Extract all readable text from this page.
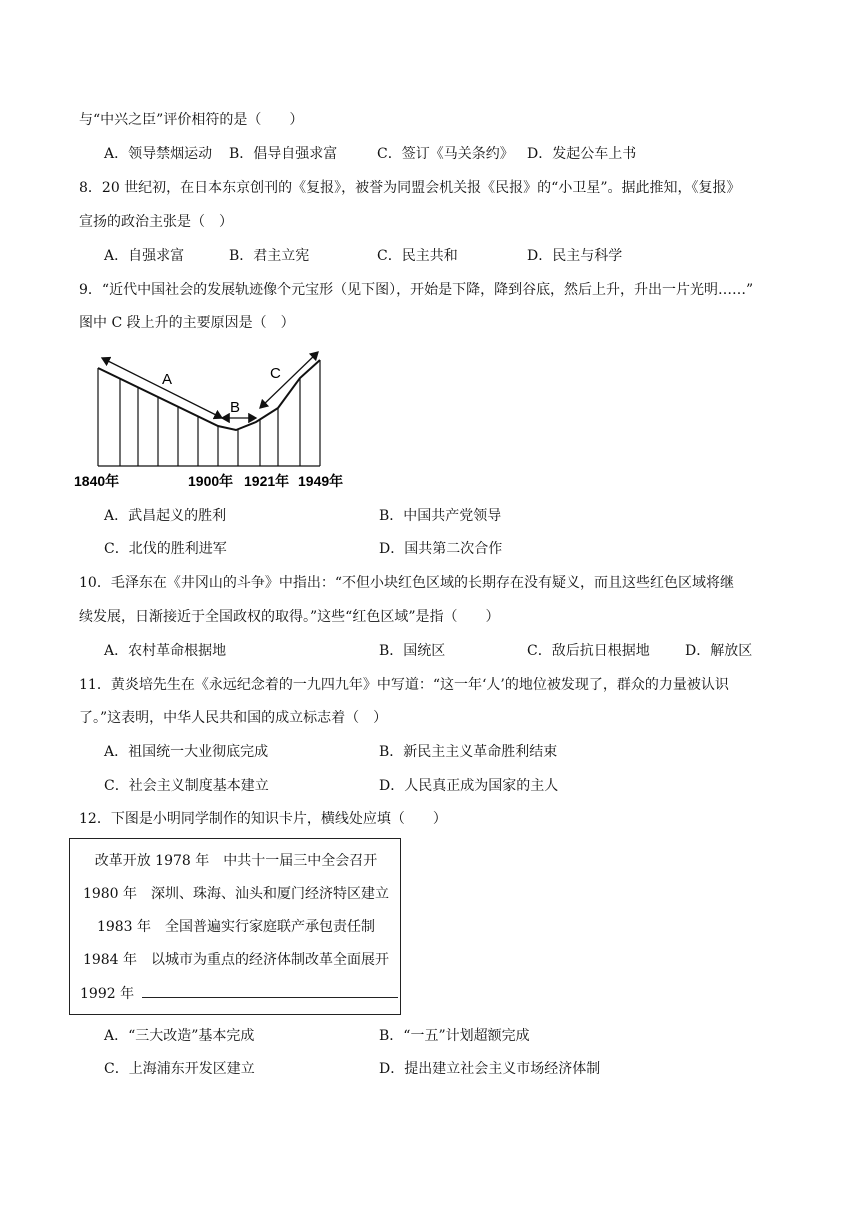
与“中兴之臣”评价相符的是（　　）
A．领导禁烟运动 B．倡导自强求富	C．签订《马关条约》 D．发起公车上书
8．20 世纪初，在日本东京创刊的《复报》，被誉为同盟会机关报《民报》的“小卫星”。据此推知，《复报》
宣扬的政治主张是（　）
A．自强求富	B．君主立宪	C．民主共和	D．民主与科学
9．“近代中国社会的发展轨迹像个元宝形（见下图），开始是下降，降到谷底，然后上升，升出一片光明……”
图中 C 段上升的主要原因是（　）
A
B
C
1840年	1900年 1921年 1949年
A．武昌起义的胜利	B．中国共产党领导
C．北伐的胜利进军	D．国共第二次合作
10．毛泽东在《井冈山的斗争》中指出：“不但小块红色区域的长期存在没有疑义，而且这些红色区域将继
续发展，日渐接近于全国政权的取得。”这些“红色区域”是指（　　）
A．农村革命根据地	B．国统区	C．敌后抗日根据地	D．解放区
11．黄炎培先生在《永远纪念着的一九四九年》中写道：“这一年‘人’的地位被发现了，群众的力量被认识
了。”这表明，中华人民共和国的成立标志着（　）
A．祖国统一大业彻底完成	B．新民主主义革命胜利结束
C．社会主义制度基本建立	D．人民真正成为国家的主人
12．下图是小明同学制作的知识卡片，横线处应填（　　）
改革开放 1978 年　中共十一届三中全会召开
1980 年　深圳、珠海、汕头和厦门经济特区建立
1983 年　全国普遍实行家庭联产承包责任制
1984 年　以城市为重点的经济体制改革全面展开
1992 年
A．“三大改造”基本完成	B．“一五”计划超额完成
C．上海浦东开发区建立	D．提出建立社会主义市场经济体制
